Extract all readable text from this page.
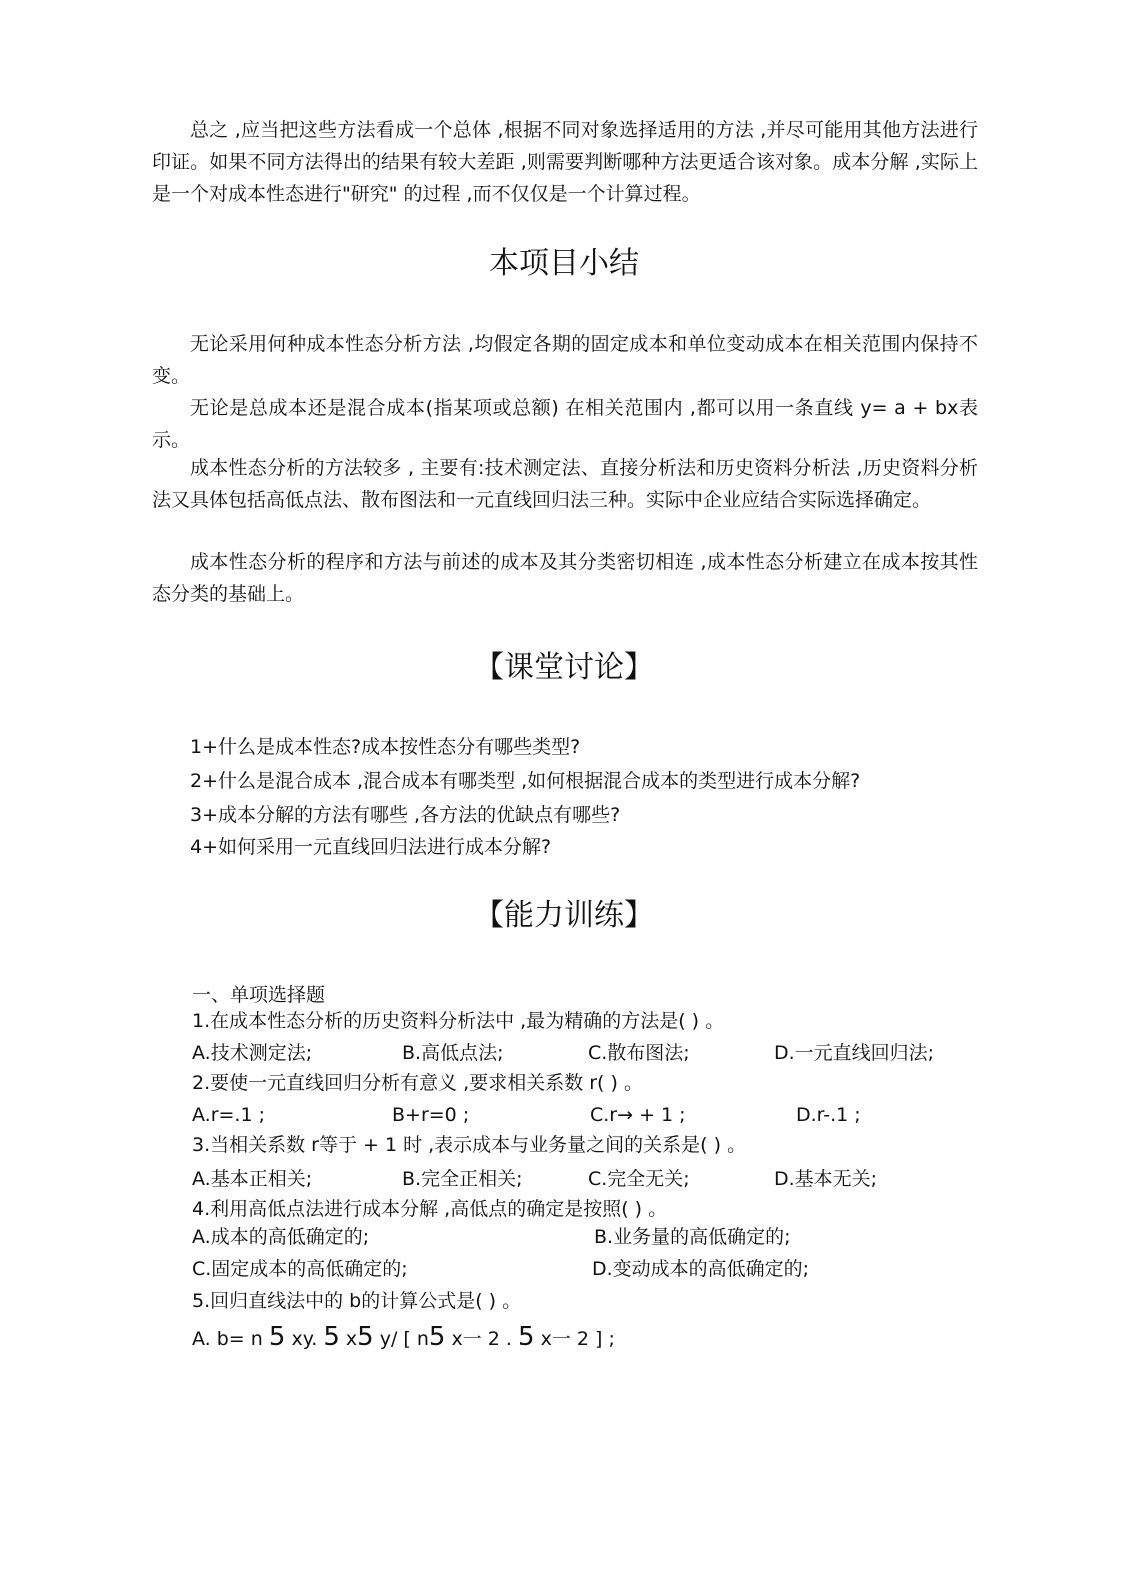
总之 ,应当把这些方法看成一个总体 ,根据不同对象选择适用的方法 ,并尽可能用其他方法进行印证。如果不同方法得出的结果有较大差距 ,则需要判断哪种方法更适合该对象。成本分解 ,实际上是一个对成本性态进行"研究" 的过程 ,而不仅仅是一个计算过程。

本项目小结

无论采用何种成本性态分析方法 ,均假定各期的固定成本和单位变动成本在相关范围内保持不变。

无论是总成本还是混合成本(指某项或总额) 在相关范围内 ,都可以用一条直线 y= a + bx表示。

成本性态分析的方法较多 , 主要有:技术测定法、直接分析法和历史资料分析法 ,历史资料分析法又具体包括高低点法、散布图法和一元直线回归法三种。实际中企业应结合实际选择确定。

成本性态分析的程序和方法与前述的成本及其分类密切相连 ,成本性态分析建立在成本按其性态分类的基础上。

【课堂讨论】

1+什么是成本性态?成本按性态分有哪些类型?

2+什么是混合成本 ,混合成本有哪类型 ,如何根据混合成本的类型进行成本分解?

3+成本分解的方法有哪些 ,各方法的优缺点有哪些?

4+如何采用一元直线回归法进行成本分解?

【能力训练】

一、单项选择题

1.在成本性态分析的历史资料分析法中 ,最为精确的方法是( ) 。

A.技术测定法;	B.高低点法;	C.散布图法;	D.一元直线回归法;

2.要使一元直线回归分析有意义 ,要求相关系数 r( ) 。

A.r=.1 ;	B+r=0 ;	C.r→ + 1 ;	D.r-.1 ;

3.当相关系数 r等于 + 1 时 ,表示成本与业务量之间的关系是( ) 。

A.基本正相关;	B.完全正相关;	C.完全无关;	D.基本无关;

4.利用高低点法进行成本分解 ,高低点的确定是按照( ) 。

A.成本的高低确定的;	B.业务量的高低确定的;
C.固定成本的高低确定的;	D.变动成本的高低确定的;

5.回归直线法中的 b的计算公式是( ) 。

A. b= n 5 xy. 5 x5 y/ [ n5 x一 2 . 5 x一 2 ] ;
